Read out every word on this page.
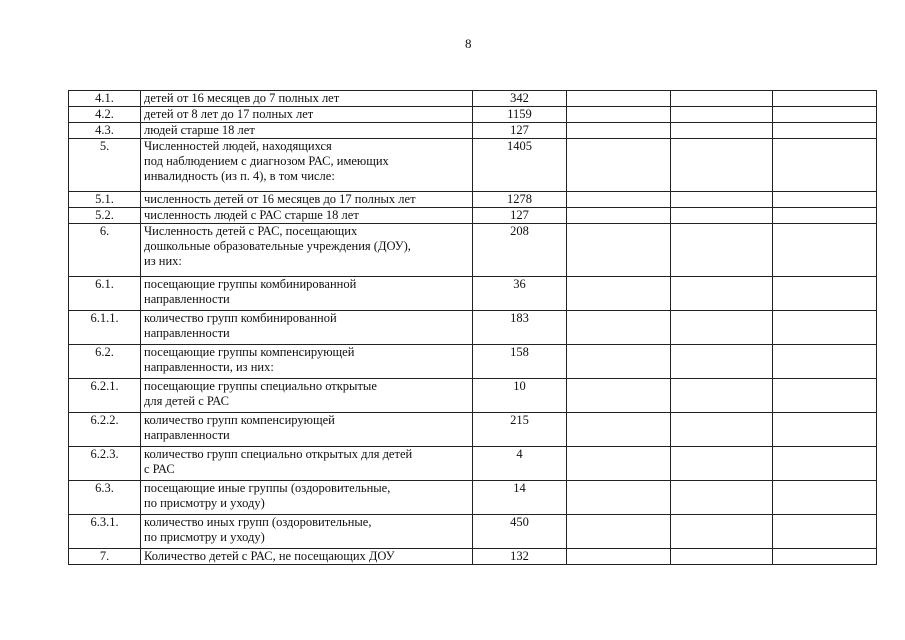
8
4.1.	детей от 16 месяцев до 7 полных лет	342			
4.2.	детей от 8 лет до 17 полных лет	1159			
4.3.	людей старше 18 лет	127			
5.	Численностей людей, находящихся
под наблюдением с диагнозом РАС, имеющих
инвалидность (из п. 4), в том числе:	1405			
5.1.	численность детей от 16 месяцев до 17 полных лет	1278			
5.2.	численность людей с РАС старше 18 лет	127			
6.	Численность детей с РАС, посещающих
дошкольные образовательные учреждения (ДОУ),
из них:	208			
6.1.	посещающие группы комбинированной
направленности	36			
6.1.1.	количество групп комбинированной
направленности	183			
6.2.	посещающие группы компенсирующей
направленности, из них:	158			
6.2.1.	посещающие группы специально открытые
для детей с РАС	10			
6.2.2.	количество групп компенсирующей
направленности	215			
6.2.3.	количество групп специально открытых для детей
с РАС	4			
6.3.	посещающие иные группы (оздоровительные,
по присмотру и уходу)	14			
6.3.1.	количество иных групп (оздоровительные,
по присмотру и уходу)	450			
7.	Количество детей с РАС, не посещающих ДОУ	132			
